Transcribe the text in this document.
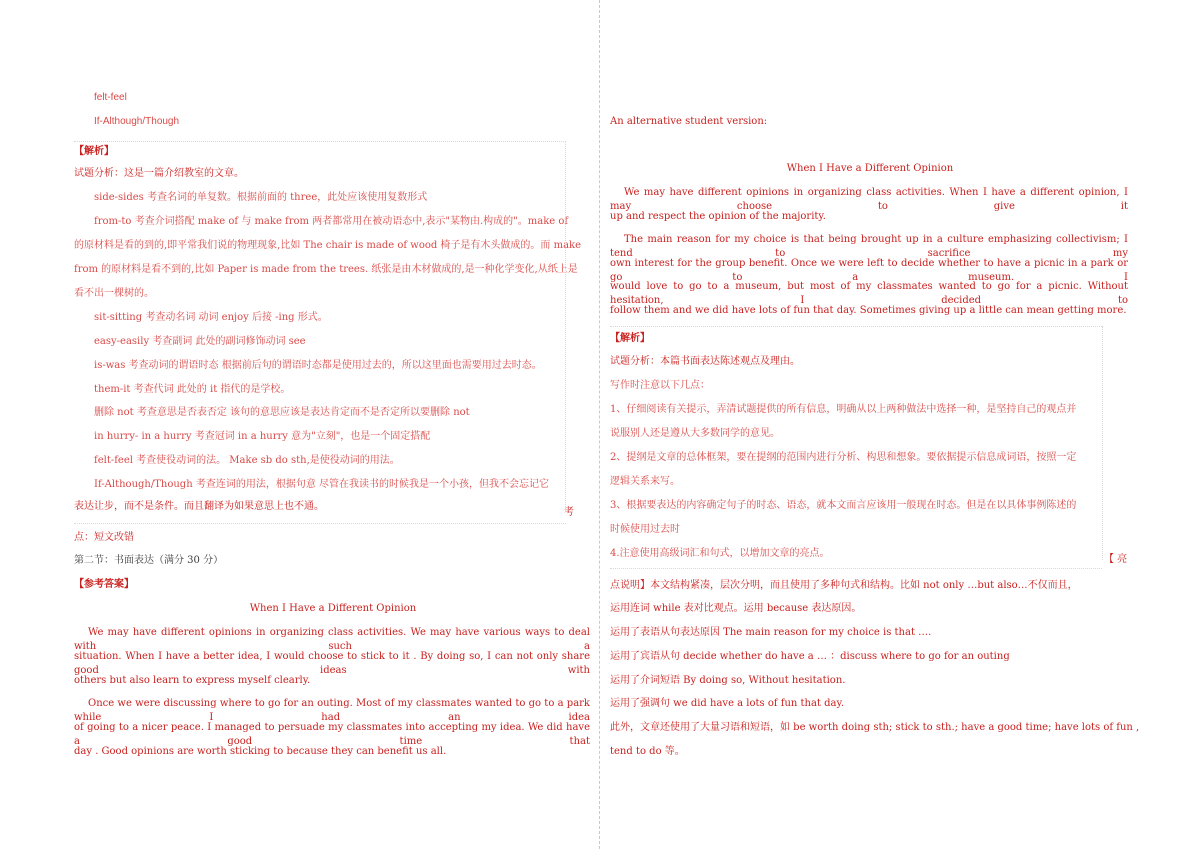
felt-feel
If-Although/Though
【解析】
试题分析：这是一篇介绍教室的文章。
side-sides 考查名词的单复数。根据前面的 three，此处应该使用复数形式
from-to 考查介词搭配 make of 与 make from 两者都常用在被动语态中,表示"某物由.构成的"。make of
的原材料是看的到的,即平常我们说的物理现象,比如 The chair is made of wood 椅子是有木头做成的。而 make
from 的原材料是看不到的,比如 Paper is made from the trees. 纸张是由木材做成的,是一种化学变化,从纸上是
看不出一棵树的。
sit-sitting 考查动名词 动词 enjoy 后接 -ing 形式。
easy-easily 考查副词 此处的副词修饰动词 see
is-was 考查动词的谓语时态 根据前后句的谓语时态都是使用过去的，所以这里面也需要用过去时态。
them-it 考查代词 此处的 it 指代的是学校。
删除 not 考查意思是否表否定 该句的意思应该是表达肯定而不是否定所以要删除 not
in hurry- in a hurry 考查冠词 in a hurry 意为"立刻"，也是一个固定搭配
felt-feel 考查使役动词的法。 Make sb do sth,是使役动词的用法。
If-Although/Though 考查连词的用法，根据句意 尽管在我读书的时候我是一个小孩，但我不会忘记它
表达让步，而不是条件。而且翻译为如果意思上也不通。
考
点：短文改错
第二节：书面表达（满分 30 分）
【参考答案】
When I Have a Different Opinion
We may have different opinions in organizing class activities. We may have various ways to deal with such a
situation. When I have a better idea, I would choose to stick to it . By doing so, I can not only share good ideas with
others but also learn to express myself clearly.
Once we were discussing where to go for an outing. Most of my classmates wanted to go to a park while I had an idea
of going to a nicer peace. I managed to persuade my classmates into accepting my idea. We did have a good time that
day . Good opinions are worth sticking to because they can benefit us all.
An alternative student version:
When I Have a Different Opinion
We may have different opinions in organizing class activities. When I have a different opinion, I may choose to give it
up and respect the opinion of the majority.
The main reason for my choice is that being brought up in a culture emphasizing collectivism; I tend to sacrifice my
own interest for the group benefit. Once we were left to decide whether to have a picnic in a park or go to a museum. I
would love to go to a museum, but most of my classmates wanted to go for a picnic. Without hesitation, I decided to
follow them and we did have lots of fun that day. Sometimes giving up a little can mean getting more.
【解析】
试题分析：本篇书面表达陈述观点及理由。
写作时注意以下几点：
1、仔细阅读有关提示，弄清试题提供的所有信息，明确从以上两种做法中选择一种，是坚持自己的观点并
说服别人还是遵从大多数同学的意见。
2、提纲是文章的总体框架，要在提纲的范围内进行分析、构思和想象。要依据提示信息成词语，按照一定
逻辑关系来写。
3、根据要表达的内容确定句子的时态、语态，就本文而言应该用一般现在时态。但是在以具体事例陈述的
时候使用过去时
4.注意使用高级词汇和句式，以增加文章的亮点。
【 亮
点说明】本文结构紧凑，层次分明，而且使用了多种句式和结构。比如 not only …but also…不仅而且，
运用连词 while 表对比观点。运用 because 表达原因。
运用了表语从句表达原因 The main reason for my choice is that ….
运用了宾语从句 decide whether do have a … ：discuss where to go for an outing
运用了介词短语 By doing so, Without hesitation.
运用了强调句 we did have a lots of fun that day.
此外，文章还使用了大量习语和短语，如 be worth doing sth; stick to sth.; have a good time; have lots of fun ,
tend to do 等。
